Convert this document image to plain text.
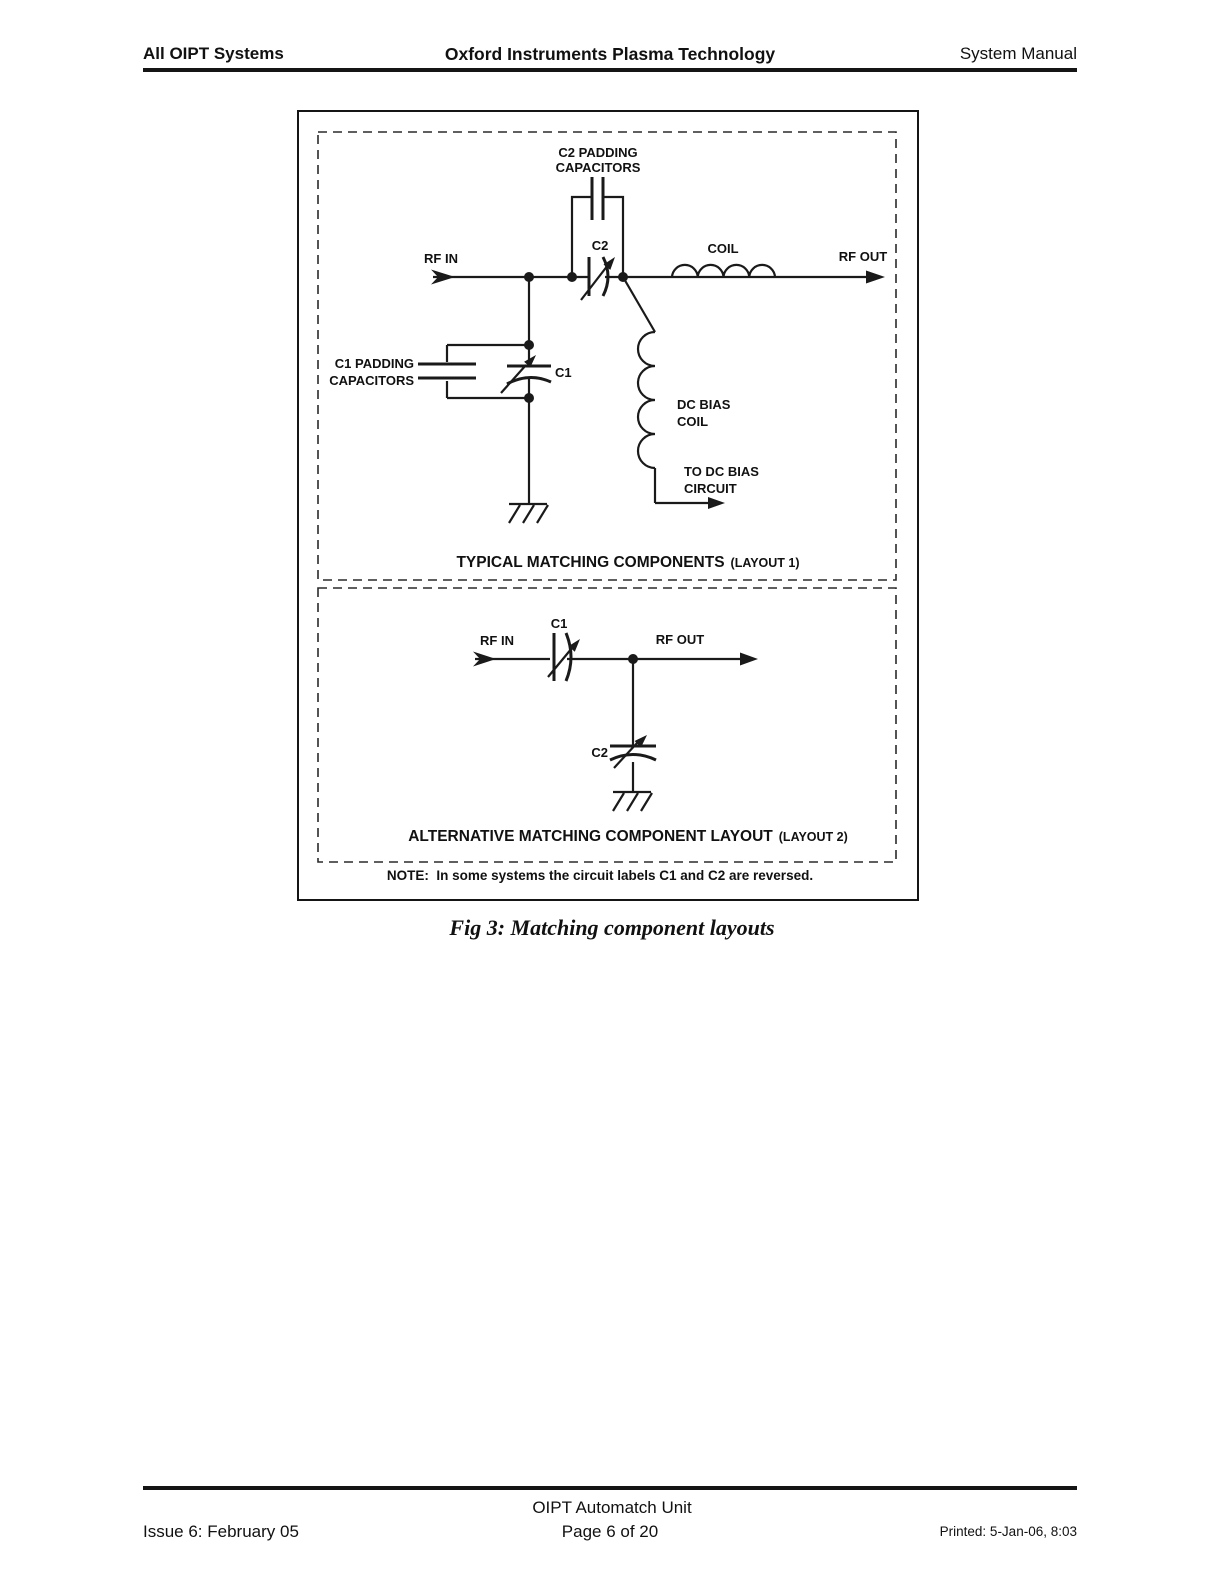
All OIPT Systems	Oxford Instruments Plasma Technology	System Manual
C2 PADDING
CAPACITORS
RF IN	RF OUT
C2	COIL
DC BIAS
COIL
TO DC BIAS
CIRCUIT
C1 PADDING
CAPACITORS
C1
TYPICAL MATCHING COMPONENTS (LAYOUT 1)
C1
RF IN	RF OUT
C2
ALTERNATIVE MATCHING COMPONENT LAYOUT (LAYOUT 2)
NOTE:  In some systems the circuit labels C1 and C2 are reversed.
Fig 3: Matching component layouts
OIPT Automatch Unit
Issue 6: February 05	Page 6 of 20	Printed: 5-Jan-06, 8:03
